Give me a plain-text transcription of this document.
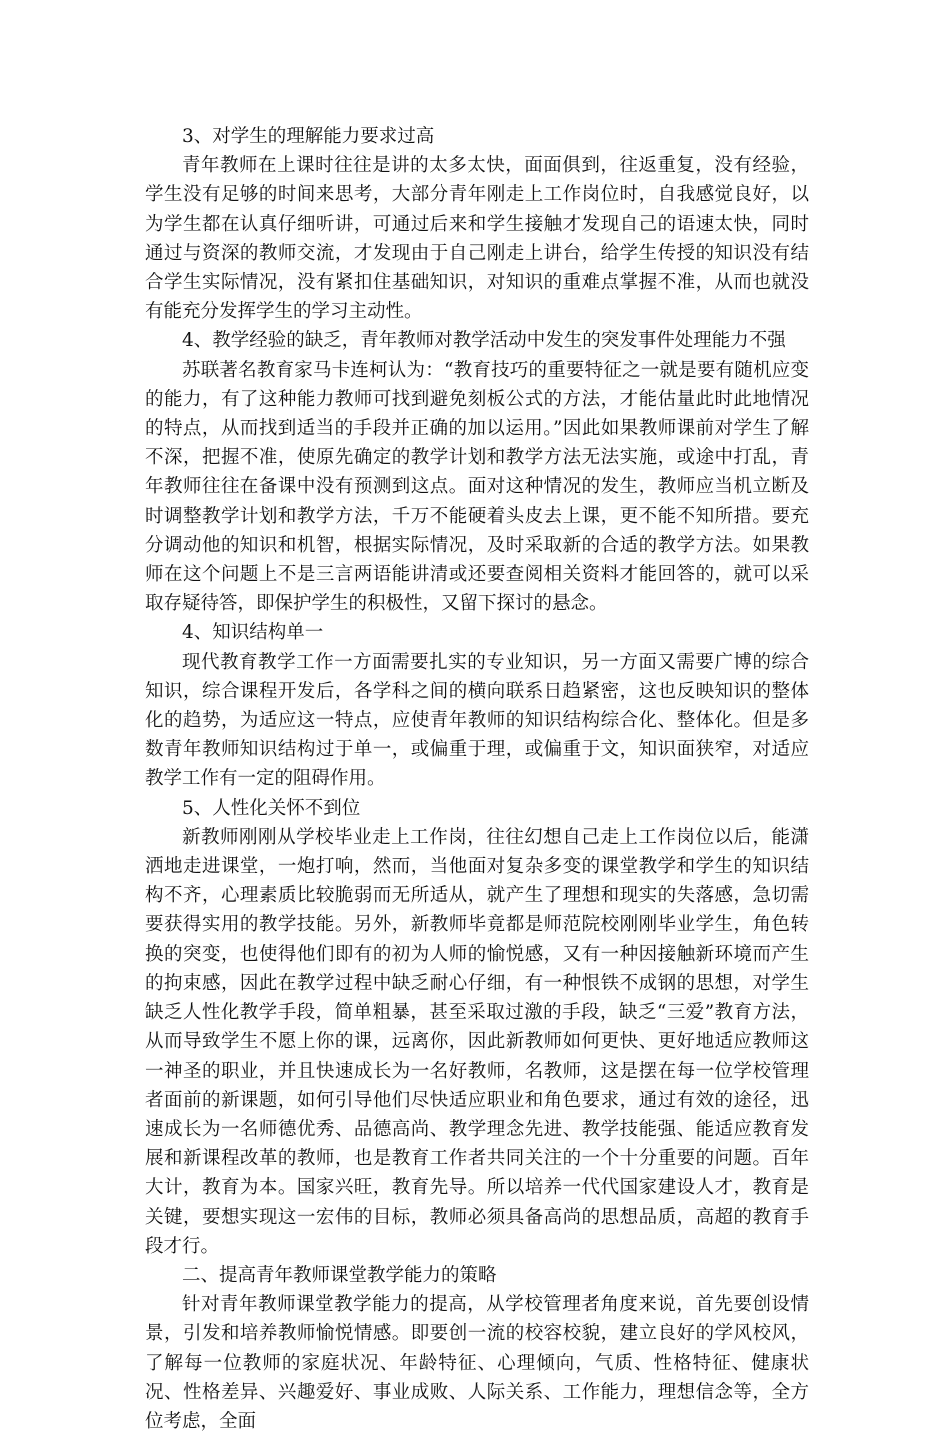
3、对学生的理解能力要求过高

青年教师在上课时往往是讲的太多太快，面面俱到，往返重复，没有经验，学生没有足够的时间来思考，大部分青年刚走上工作岗位时，自我感觉良好，以为学生都在认真仔细听讲，可通过后来和学生接触才发现自己的语速太快，同时通过与资深的教师交流，才发现由于自己刚走上讲台，给学生传授的知识没有结合学生实际情况，没有紧扣住基础知识，对知识的重难点掌握不准，从而也就没有能充分发挥学生的学习主动性。

4、教学经验的缺乏，青年教师对教学活动中发生的突发事件处理能力不强

苏联著名教育家马卡连柯认为：“教育技巧的重要特征之一就是要有随机应变的能力，有了这种能力教师可找到避免刻板公式的方法，才能估量此时此地情况的特点，从而找到适当的手段并正确的加以运用。”因此如果教师课前对学生了解不深，把握不准，使原先确定的教学计划和教学方法无法实施，或途中打乱，青年教师往往在备课中没有预测到这点。面对这种情况的发生，教师应当机立断及时调整教学计划和教学方法，千万不能硬着头皮去上课，更不能不知所措。要充分调动他的知识和机智，根据实际情况，及时采取新的合适的教学方法。如果教师在这个问题上不是三言两语能讲清或还要查阅相关资料才能回答的，就可以采取存疑待答，即保护学生的积极性，又留下探讨的悬念。

4、知识结构单一

现代教育教学工作一方面需要扎实的专业知识，另一方面又需要广博的综合知识，综合课程开发后，各学科之间的横向联系日趋紧密，这也反映知识的整体化的趋势，为适应这一特点，应使青年教师的知识结构综合化、整体化。但是多数青年教师知识结构过于单一，或偏重于理，或偏重于文，知识面狭窄，对适应教学工作有一定的阻碍作用。

5、人性化关怀不到位

新教师刚刚从学校毕业走上工作岗，往往幻想自己走上工作岗位以后，能潇洒地走进课堂，一炮打响，然而，当他面对复杂多变的课堂教学和学生的知识结构不齐，心理素质比较脆弱而无所适从，就产生了理想和现实的失落感，急切需要获得实用的教学技能。另外，新教师毕竟都是师范院校刚刚毕业学生，角色转换的突变，也使得他们即有的初为人师的愉悦感，又有一种因接触新环境而产生的拘束感，因此在教学过程中缺乏耐心仔细，有一种恨铁不成钢的思想，对学生缺乏人性化教学手段，简单粗暴，甚至采取过激的手段，缺乏“三爱”教育方法，从而导致学生不愿上你的课，远离你，因此新教师如何更快、更好地适应教师这一神圣的职业，并且快速成长为一名好教师，名教师，这是摆在每一位学校管理者面前的新课题，如何引导他们尽快适应职业和角色要求，通过有效的途径，迅速成长为一名师德优秀、品德高尚、教学理念先进、教学技能强、能适应教育发展和新课程改革的教师，也是教育工作者共同关注的一个十分重要的问题。百年大计，教育为本。国家兴旺，教育先导。所以培养一代代国家建设人才，教育是关键，要想实现这一宏伟的目标，教师必须具备高尚的思想品质，高超的教育手段才行。

二、提高青年教师课堂教学能力的策略

针对青年教师课堂教学能力的提高，从学校管理者角度来说，首先要创设情景，引发和培养教师愉悦情感。即要创一流的校容校貌，建立良好的学风校风，了解每一位教师的家庭状况、年龄特征、心理倾向，气质、性格特征、健康状况、性格差异、兴趣爱好、事业成败、人际关系、工作能力，理想信念等，全方位考虑，全面
